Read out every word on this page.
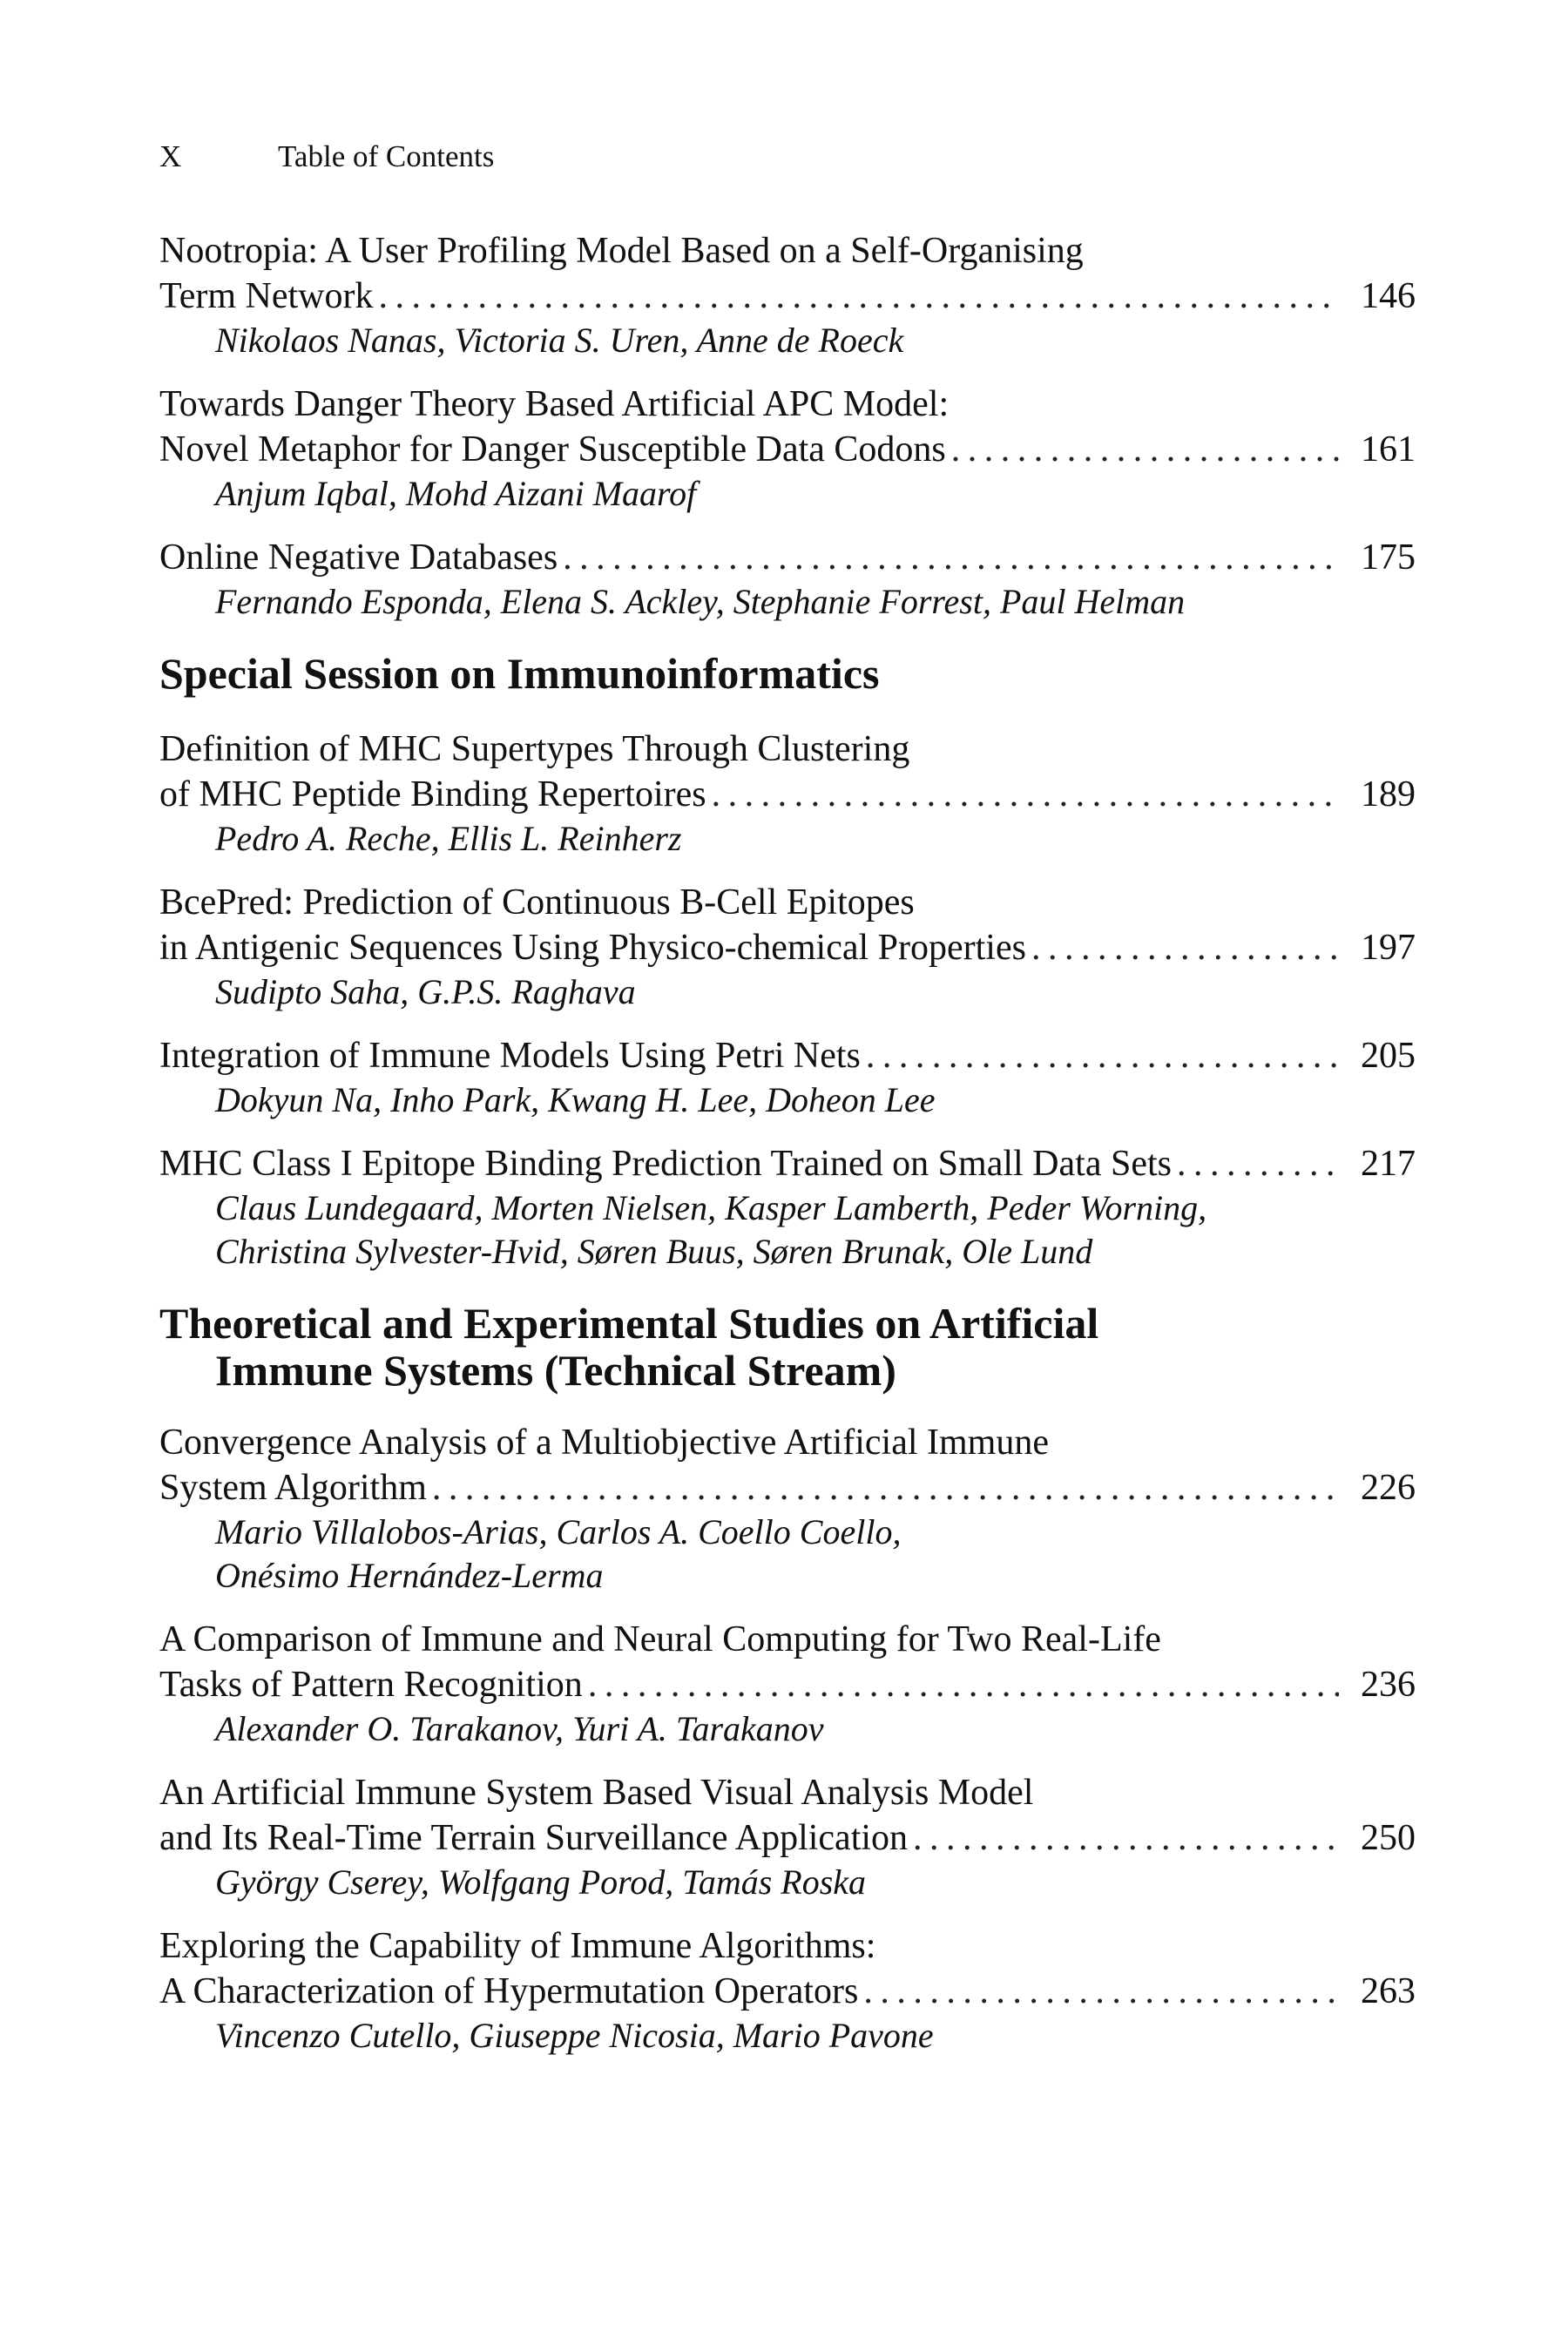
X	Table of Contents
Nootropia: A User Profiling Model Based on a Self-Organising
Term Network . . .	146
Nikolaos Nanas, Victoria S. Uren, Anne de Roeck
Towards Danger Theory Based Artificial APC Model:
Novel Metaphor for Danger Susceptible Data Codons . . .	161
Anjum Iqbal, Mohd Aizani Maarof
Online Negative Databases . . .	175
Fernando Esponda, Elena S. Ackley, Stephanie Forrest, Paul Helman
Special Session on Immunoinformatics
Definition of MHC Supertypes Through Clustering
of MHC Peptide Binding Repertoires . . .	189
Pedro A. Reche, Ellis L. Reinherz
BcePred: Prediction of Continuous B-Cell Epitopes
in Antigenic Sequences Using Physico-chemical Properties . . .	197
Sudipto Saha, G.P.S. Raghava
Integration of Immune Models Using Petri Nets . . .	205
Dokyun Na, Inho Park, Kwang H. Lee, Doheon Lee
MHC Class I Epitope Binding Prediction Trained on Small Data Sets . . .	217
Claus Lundegaard, Morten Nielsen, Kasper Lamberth, Peder Worning,
Christina Sylvester-Hvid, Søren Buus, Søren Brunak, Ole Lund
Theoretical and Experimental Studies on Artificial
Immune Systems (Technical Stream)
Convergence Analysis of a Multiobjective Artificial Immune
System Algorithm . . .	226
Mario Villalobos-Arias, Carlos A. Coello Coello,
Onésimo Hernández-Lerma
A Comparison of Immune and Neural Computing for Two Real-Life
Tasks of Pattern Recognition . . .	236
Alexander O. Tarakanov, Yuri A. Tarakanov
An Artificial Immune System Based Visual Analysis Model
and Its Real-Time Terrain Surveillance Application . . .	250
György Cserey, Wolfgang Porod, Tamás Roska
Exploring the Capability of Immune Algorithms:
A Characterization of Hypermutation Operators . . .	263
Vincenzo Cutello, Giuseppe Nicosia, Mario Pavone
